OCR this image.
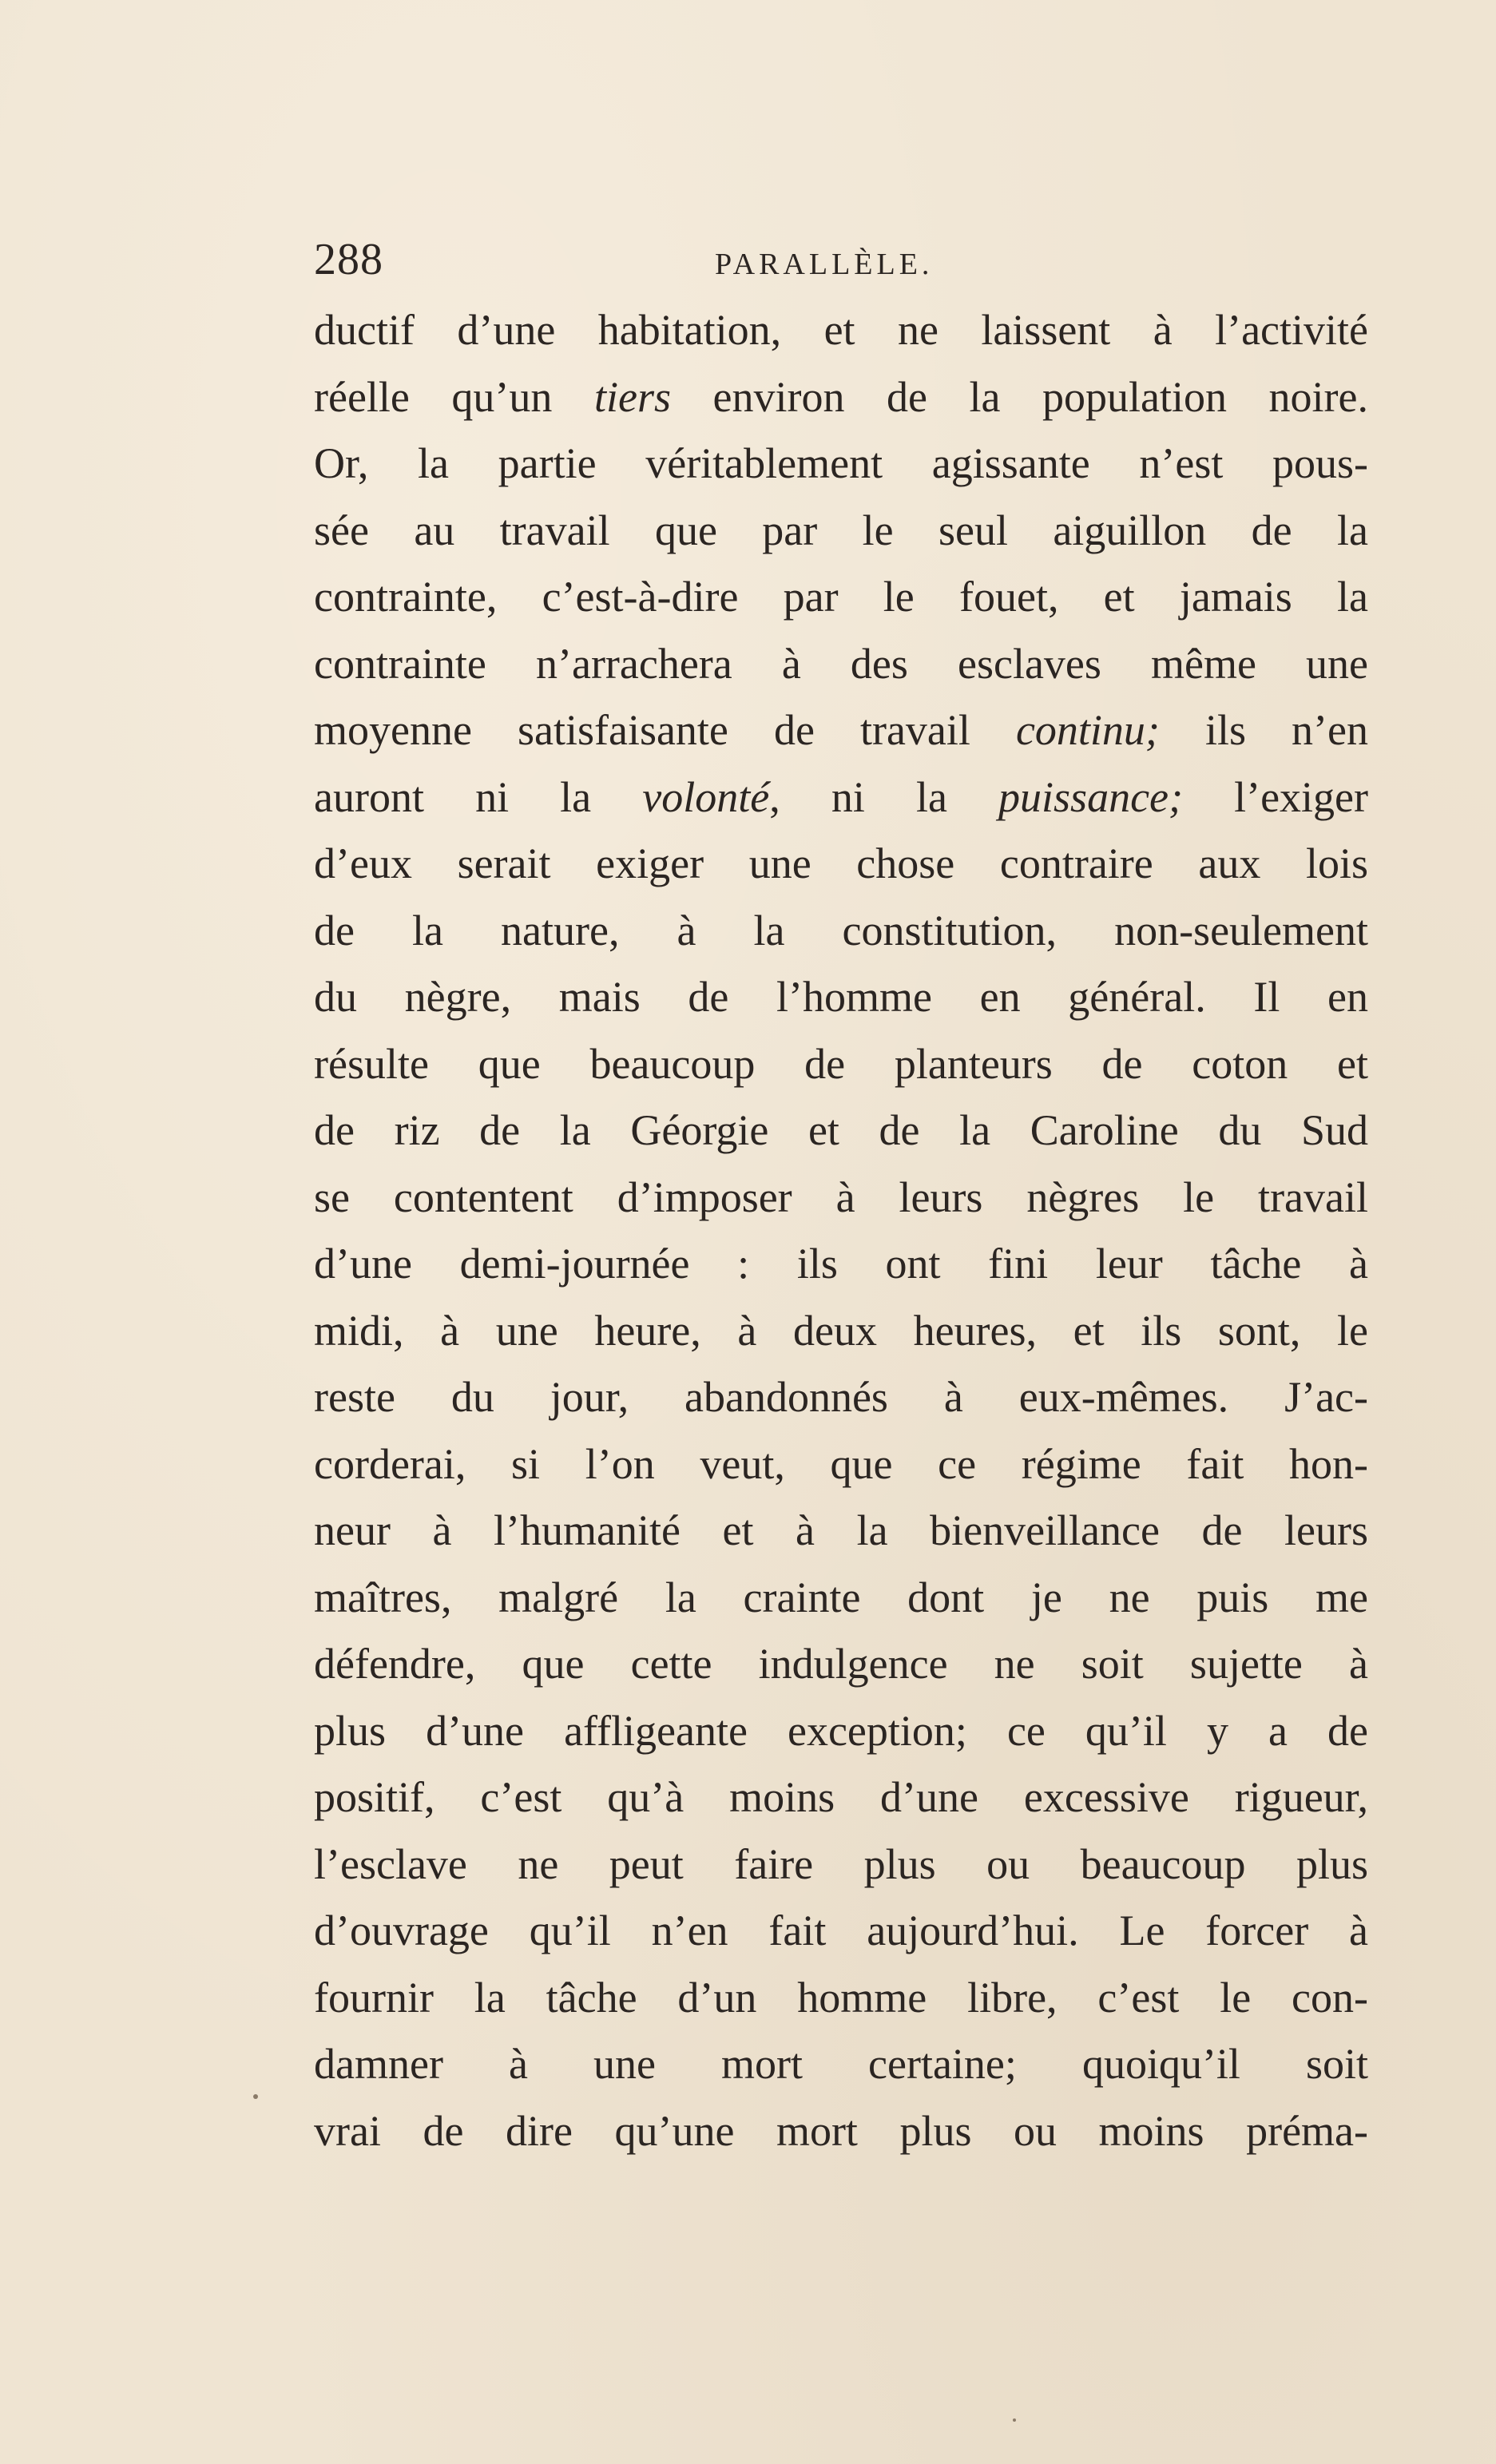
288	PARALLÈLE.
ductif d’une habitation, et ne laissent à l’activité
réelle qu’un tiers environ de la population noire.
Or, la partie véritablement agissante n’est pous-
sée au travail que par le seul aiguillon de la
contrainte, c’est-à-dire par le fouet, et jamais la
contrainte n’arrachera à des esclaves même une
moyenne satisfaisante de travail continu; ils n’en
auront ni la volonté, ni la puissance; l’exiger
d’eux serait exiger une chose contraire aux lois
de la nature, à la constitution, non-seulement
du nègre, mais de l’homme en général. Il en
résulte que beaucoup de planteurs de coton et
de riz de la Géorgie et de la Caroline du Sud
se contentent d’imposer à leurs nègres le travail
d’une demi-journée : ils ont fini leur tâche à
midi, à une heure, à deux heures, et ils sont, le
reste du jour, abandonnés à eux-mêmes. J’ac-
corderai, si l’on veut, que ce régime fait hon-
neur à l’humanité et à la bienveillance de leurs
maîtres, malgré la crainte dont je ne puis me
défendre, que cette indulgence ne soit sujette à
plus d’une affligeante exception; ce qu’il y a de
positif, c’est qu’à moins d’une excessive rigueur,
l’esclave ne peut faire plus ou beaucoup plus
d’ouvrage qu’il n’en fait aujourd’hui. Le forcer à
fournir la tâche d’un homme libre, c’est le con-
damner à une mort certaine; quoiqu’il soit
vrai de dire qu’une mort plus ou moins préma-
